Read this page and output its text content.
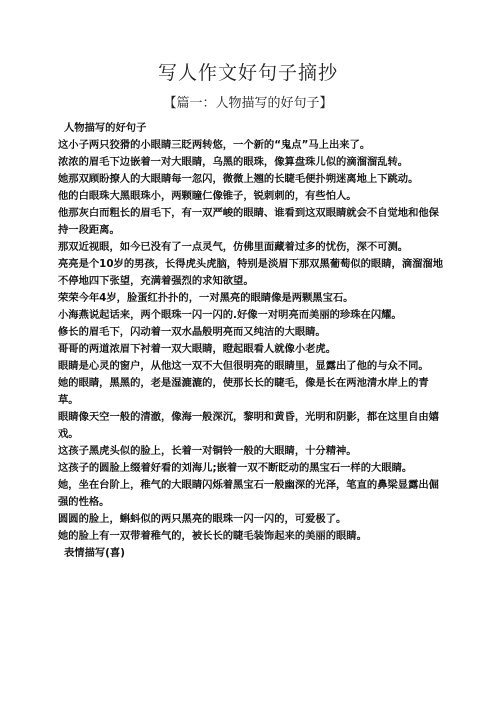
写人作文好句子摘抄
【篇一：人物描写的好句子】

人物描写的好句子

这小子两只狡猾的小眼睛三眨两转悠，一个新的“鬼点”马上出来了。

浓浓的眉毛下边嵌着一对大眼睛，乌黑的眼珠，像算盘珠儿似的滴溜溜乱转。

她那双顾盼撩人的大眼睛每一忽闪，微微上翘的长睫毛便扑朔迷离地上下跳动。

他的白眼珠大黑眼珠小，两颗瞳仁像锥子，锐刺刺的，有些怕人。

他那灰白而粗长的眉毛下，有一双严峻的眼睛、谁看到这双眼睛就会不自觉地和他保持一段距离。

那双近视眼，如今已没有了一点灵气，仿佛里面藏着过多的忧伤，深不可测。

亮亮是个10岁的男孩，长得虎头虎脑，特别是淡眉下那双黑葡萄似的眼睛，滴溜溜地不停地四下张望，充满着强烈的求知欲望。

荣荣今年4岁，脸蛋红扑扑的，一对黑亮的眼睛像是两颗黑宝石。

小海燕说起话来，两个眼珠一闪一闪的.好像一对明亮而美丽的珍珠在闪耀。

修长的眉毛下，闪动着一双水晶般明亮而又纯洁的大眼睛。

哥哥的两道浓眉下衬着一双大眼睛，瞪起眼看人就像小老虎。

眼睛是心灵的窗户，从他这一双不大但很明亮的眼睛里，显露出了他的与众不同。

她的眼睛，黑黑的，老是湿漉漉的，使那长长的睫毛，像是长在两池清水岸上的青草。

眼睛像天空一般的清澈，像海一般深沉，黎明和黄昏，光明和阴影，都在这里自由嬉戏。

这孩子黑虎头似的脸上，长着一对铜铃一般的大眼睛，十分精神。

这孩子的圆脸上缀着好看的刘海儿;嵌着一双不断眨动的黑宝石一样的大眼睛。

她，坐在台阶上，稚气的大眼睛闪烁着黑宝石一般幽深的光泽，笔直的鼻梁显露出倔强的性格。

圆圆的脸上，蝌蚪似的两只黑亮的眼珠一闪一闪的，可爱极了。

她的脸上有一双带着稚气的，被长长的睫毛装饰起来的美丽的眼睛。

表情描写(喜)
